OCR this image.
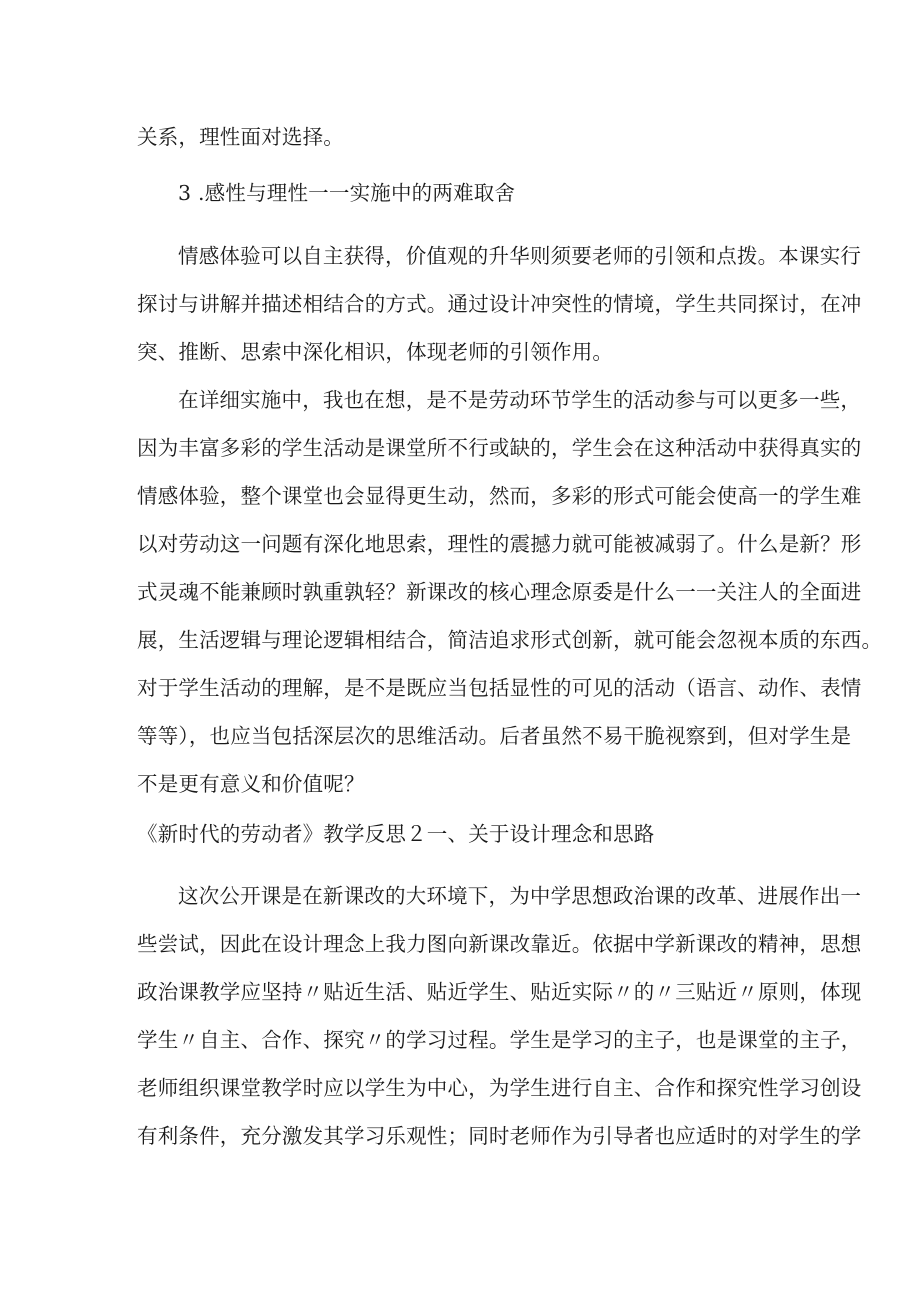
关系，理性面对选择。
3 .感性与理性一一实施中的两难取舍
情感体验可以自主获得，价值观的升华则须要老师的引领和点拨。本课实行
探讨与讲解并描述相结合的方式。通过设计冲突性的情境，学生共同探讨，在冲
突、推断、思索中深化相识，体现老师的引领作用。
在详细实施中，我也在想，是不是劳动环节学生的活动参与可以更多一些，
因为丰富多彩的学生活动是课堂所不行或缺的，学生会在这种活动中获得真实的
情感体验，整个课堂也会显得更生动，然而，多彩的形式可能会使高一的学生难
以对劳动这一问题有深化地思索，理性的震撼力就可能被减弱了。什么是新？形
式灵魂不能兼顾时孰重孰轻？新课改的核心理念原委是什么一一关注人的全面进
展，生活逻辑与理论逻辑相结合，简洁追求形式创新，就可能会忽视本质的东西。
对于学生活动的理解，是不是既应当包括显性的可见的活动（语言、动作、表情
等等），也应当包括深层次的思维活动。后者虽然不易干脆视察到，但对学生是
不是更有意义和价值呢？
《新时代的劳动者》教学反思２一、关于设计理念和思路
这次公开课是在新课改的大环境下，为中学思想政治课的改革、进展作出一
些尝试，因此在设计理念上我力图向新课改靠近。依据中学新课改的精神，思想
政治课教学应坚持〃贴近生活、贴近学生、贴近实际〃的〃三贴近〃原则，体现
学生〃自主、合作、探究〃的学习过程。学生是学习的主子，也是课堂的主子，
老师组织课堂教学时应以学生为中心，为学生进行自主、合作和探究性学习创设
有利条件，充分激发其学习乐观性；同时老师作为引导者也应适时的对学生的学
